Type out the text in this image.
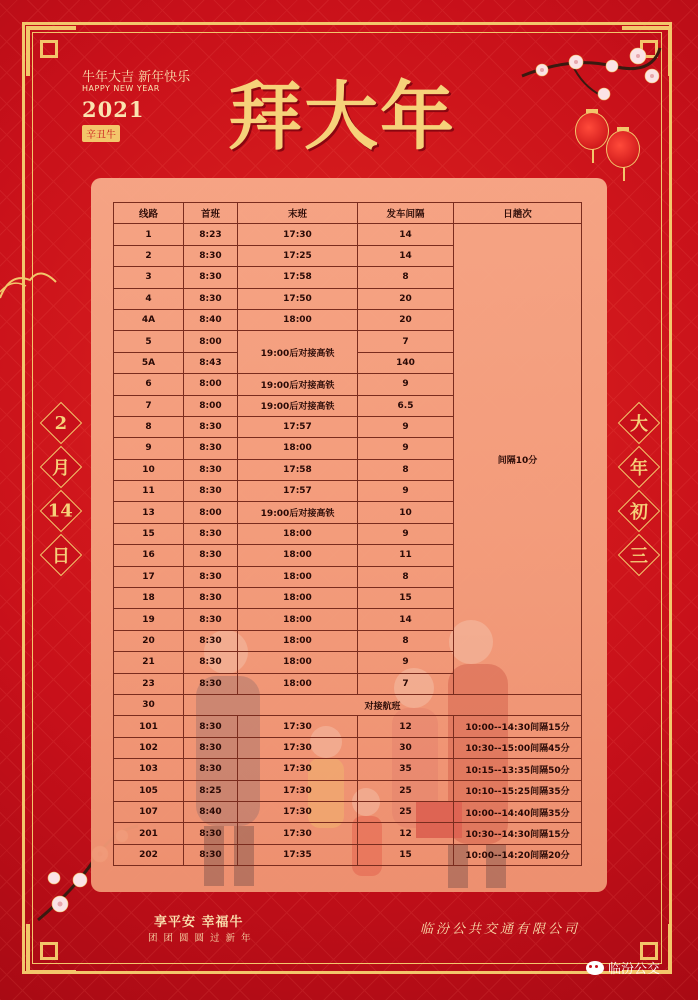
牛年大吉 新年快乐
HAPPY NEW YEAR
2021
辛丑牛 拜大年
2
月
14
日
大
年
初
三
线路	首班	末班	发车间隔	日趟次
1	8:23	17:30	14	间隔10分
2	8:30	17:25	14	
3	8:30	17:58	8	
4	8:30	17:50	20	
4A	8:40	18:00	20	
5	8:00	19:00后对接高铁	7	
5A	8:43		140	
6	8:00	19:00后对接高铁	9	
7	8:00	19:00后对接高铁	6.5	
8	8:30	17:57	9	
9	8:30	18:00	9	
10	8:30	17:58	8	
11	8:30	17:57	9	
13	8:00	19:00后对接高铁	10	
15	8:30	18:00	9	
16	8:30	18:00	11	
17	8:30	18:00	8	
18	8:30	18:00	15	
19	8:30	18:00	14	
20	8:30	18:00	8	
21	8:30	18:00	9	
23	8:30	18:00	7	
30	对接航班			
101	8:30	17:30	12	10:00--14:30间隔15分
102	8:30	17:30	30	10:30--15:00间隔45分
103	8:30	17:30	35	10:15--13:35间隔50分
105	8:25	17:30	25	10:10--15:25间隔35分
107	8:40	17:30	25	10:00--14:40间隔35分
201	8:30	17:30	12	10:30--14:30间隔15分
202	8:30	17:35	15	10:00--14:20间隔20分
享平安 幸福牛
团团圆圆过新年
临汾公共交通有限公司
临汾公交
